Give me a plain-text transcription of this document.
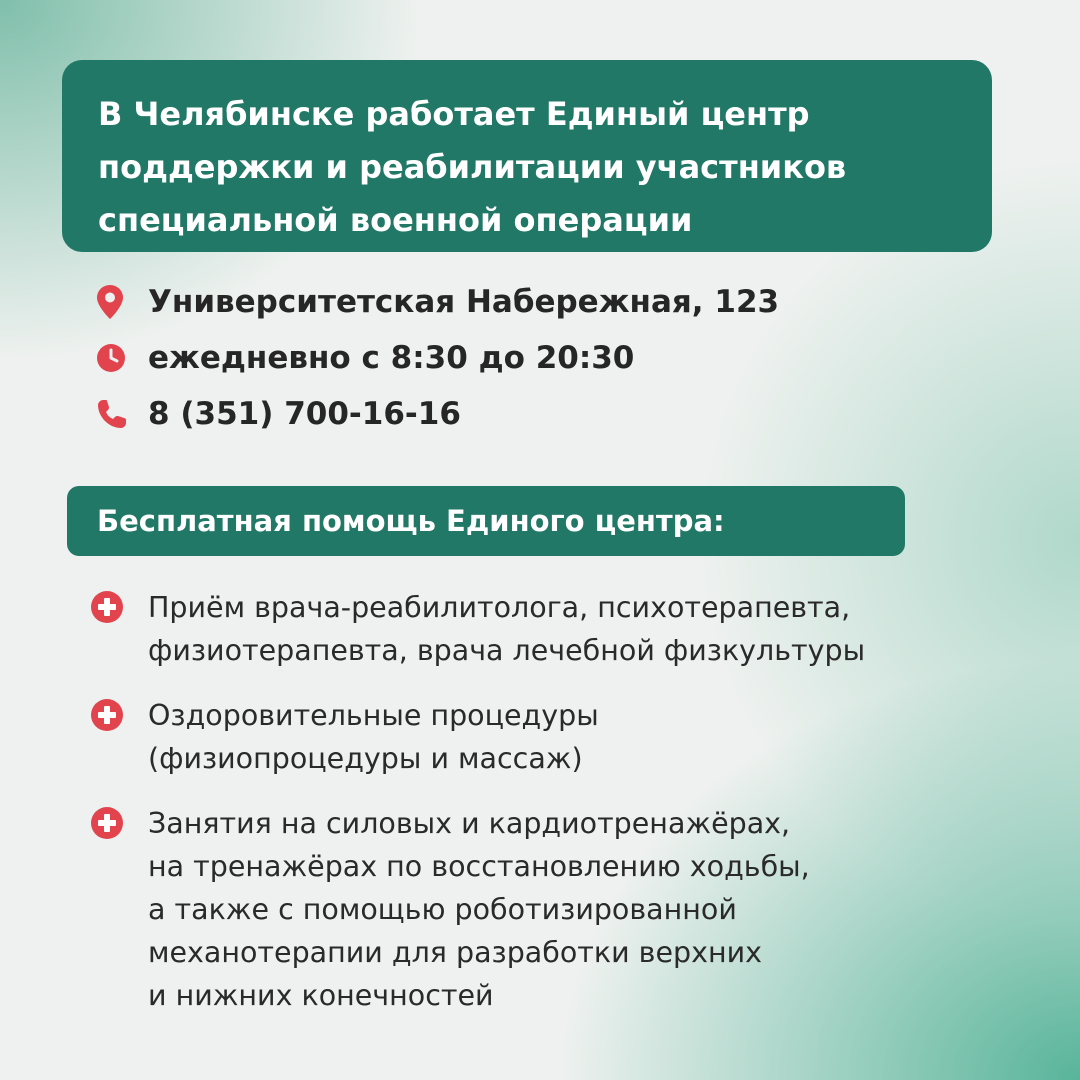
В Челябинске работает Единый центр
поддержки и реабилитации участников
специальной военной операции
Университетская Набережная, 123
ежедневно с 8:30 до 20:30
8 (351) 700-16-16
Бесплатная помощь Единого центра:
Приём врача-реабилитолога, психотерапевта,
физиотерапевта, врача лечебной физкультуры
Оздоровительные процедуры
(физиопроцедуры и массаж)
Занятия на силовых и кардиотренажёрах,
на тренажёрах по восстановлению ходьбы,
а также с помощью роботизированной
механотерапии для разработки верхних
и нижних конечностей
